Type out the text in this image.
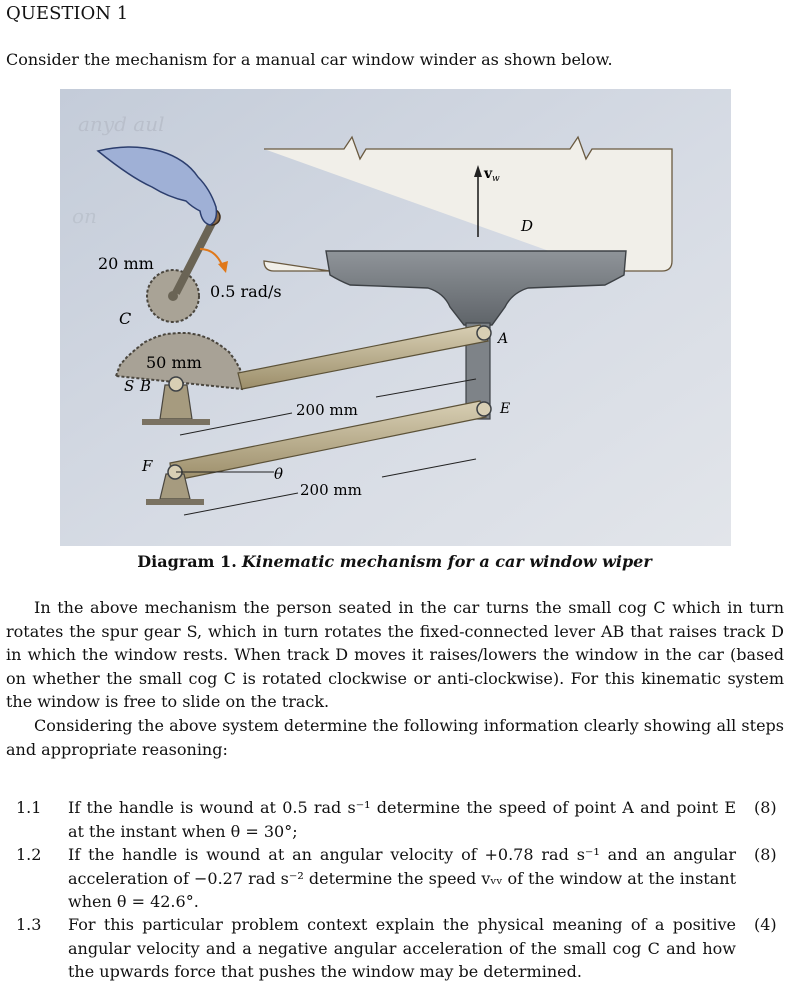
QUESTION 1
Consider the mechanism for a manual car window winder as shown below.
anyd aul
on
v w
D
20 mm
0.5 rad/s
C
50 mm
S B
200 mm
200 mm
A
E
F	θ
Diagram 1. Kinematic mechanism for a car window wiper
In the above mechanism the person seated in the car turns the small cog C which in turn
rotates the spur gear S, which in turn rotates the fixed-connected lever AB that raises track D
in which the window rests. When track D moves it raises/lowers the window in the car (based
on whether the small cog C is rotated clockwise or anti-clockwise). For this kinematic system
the window is free to slide on the track.
Considering the above system determine the following information clearly showing all steps
and appropriate reasoning:
1.1 If the handle is wound at 0.5 rad s⁻¹ determine the speed of point A and point E
at the instant when θ = 30°;
(8)
1.2 If the handle is wound at an angular velocity of +0.78 rad s⁻¹ and an angular
acceleration of −0.27 rad s⁻² determine the speed vᵥᵥ of the window at the instant
when θ = 42.6°.
(8)
1.3 For this particular problem context explain the physical meaning of a positive
angular velocity and a negative angular acceleration of the small cog C and how
the upwards force that pushes the window may be determined.
(4)
